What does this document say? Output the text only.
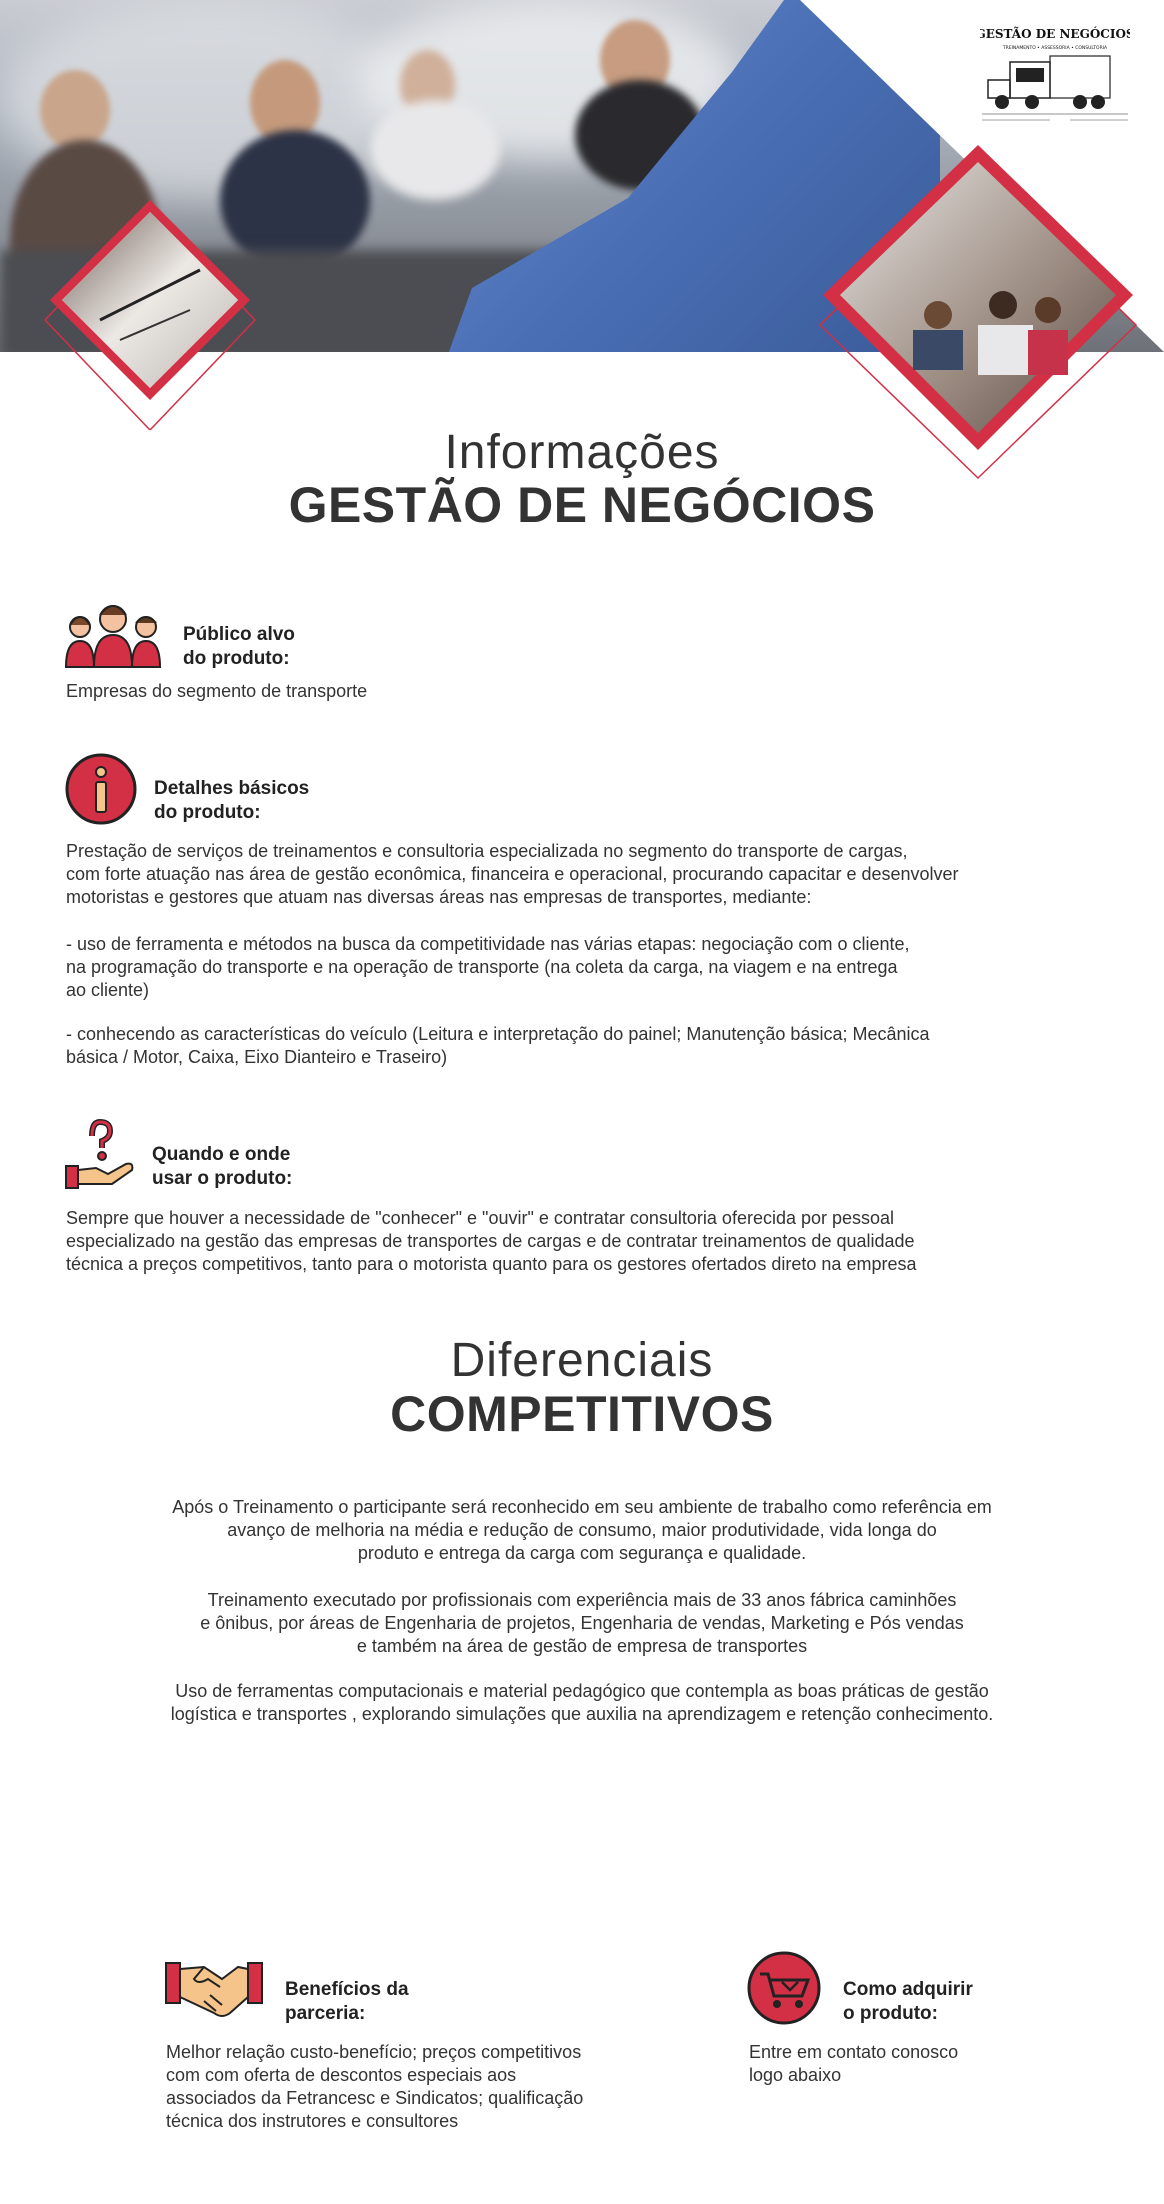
GESTÃO DE NEGÓCIOS
TREINAMENTO • ASSESSORIA • CONSULTORIA
Informações
GESTÃO DE NEGÓCIOS
Público alvo
do produto:
Empresas do segmento de transporte
Detalhes básicos
do produto:
Prestação de serviços de treinamentos e consultoria especializada no segmento do transporte de cargas,
com forte atuação nas área de gestão econômica, financeira e operacional, procurando capacitar e desenvolver
motoristas e gestores que atuam nas diversas áreas nas empresas de transportes, mediante:
- uso de ferramenta e métodos na busca da competitividade nas várias etapas: negociação com o cliente,
na programação do transporte e na operação de transporte (na coleta da carga, na viagem e na entrega
ao cliente)
- conhecendo as características do veículo (Leitura e interpretação do painel; Manutenção básica; Mecânica
básica / Motor, Caixa, Eixo Dianteiro e Traseiro)
Quando e onde
usar o produto:
Sempre que houver a necessidade de "conhecer" e "ouvir" e contratar consultoria oferecida por pessoal
especializado na gestão das empresas de transportes de cargas e de contratar treinamentos de qualidade
técnica a preços competitivos, tanto para o motorista quanto para os gestores ofertados direto na empresa
Diferenciais
COMPETITIVOS
Após o Treinamento o participante será reconhecido em seu ambiente de trabalho como referência em
avanço de melhoria na média e redução de consumo, maior produtividade, vida longa do
produto e entrega da carga com segurança e qualidade.
Treinamento executado por profissionais com experiência mais de 33 anos fábrica caminhões
e ônibus, por áreas de Engenharia de projetos, Engenharia de vendas, Marketing e Pós vendas
e também na área de gestão de empresa de transportes
Uso de ferramentas computacionais e material pedagógico que contempla as boas práticas de gestão
logística e transportes , explorando simulações que auxilia na aprendizagem e retenção conhecimento.
Benefícios da
parceria:
Melhor relação custo-benefício; preços competitivos
com com oferta de descontos especiais aos
associados da Fetrancesc e Sindicatos; qualificação
técnica dos instrutores e consultores
Como adquirir
o produto:
Entre em contato conosco
logo abaixo
